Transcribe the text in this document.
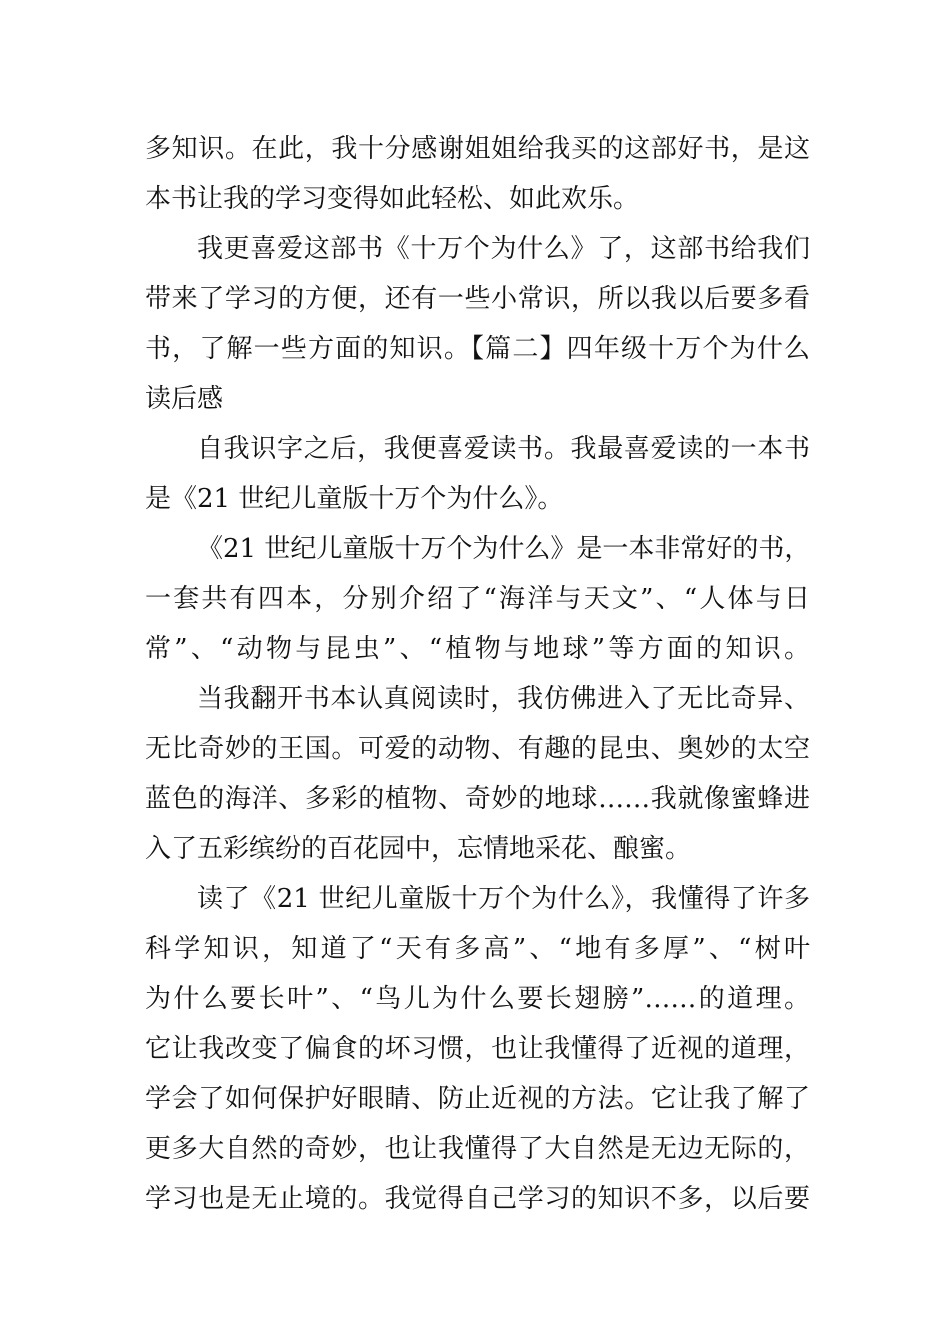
多知识。在此，我十分感谢姐姐给我买的这部好书，是这
本书让我的学习变得如此轻松、如此欢乐。
我更喜爱这部书《十万个为什么》了，这部书给我们
带来了学习的方便，还有一些小常识，所以我以后要多看
书，了解一些方面的知识。【篇二】四年级十万个为什么
读后感
自我识字之后，我便喜爱读书。我最喜爱读的一本书
是《21 世纪儿童版十万个为什么》。
《21 世纪儿童版十万个为什么》是一本非常好的书，
一套共有四本，分别介绍了“海洋与天文”、“人体与日
常”、“动物与昆虫”、“植物与地球”等方面的知识。
当我翻开书本认真阅读时，我仿佛进入了无比奇异、
无比奇妙的王国。可爱的动物、有趣的昆虫、奥妙的太空
蓝色的海洋、多彩的植物、奇妙的地球……我就像蜜蜂进
入了五彩缤纷的百花园中，忘情地采花、酿蜜。
读了《21 世纪儿童版十万个为什么》，我懂得了许多
科学知识，知道了“天有多高”、“地有多厚”、“树叶
为什么要长叶”、“鸟儿为什么要长翅膀”……的道理。
它让我改变了偏食的坏习惯，也让我懂得了近视的道理，
学会了如何保护好眼睛、防止近视的方法。它让我了解了
更多大自然的奇妙，也让我懂得了大自然是无边无际的，
学习也是无止境的。我觉得自己学习的知识不多，以后要
